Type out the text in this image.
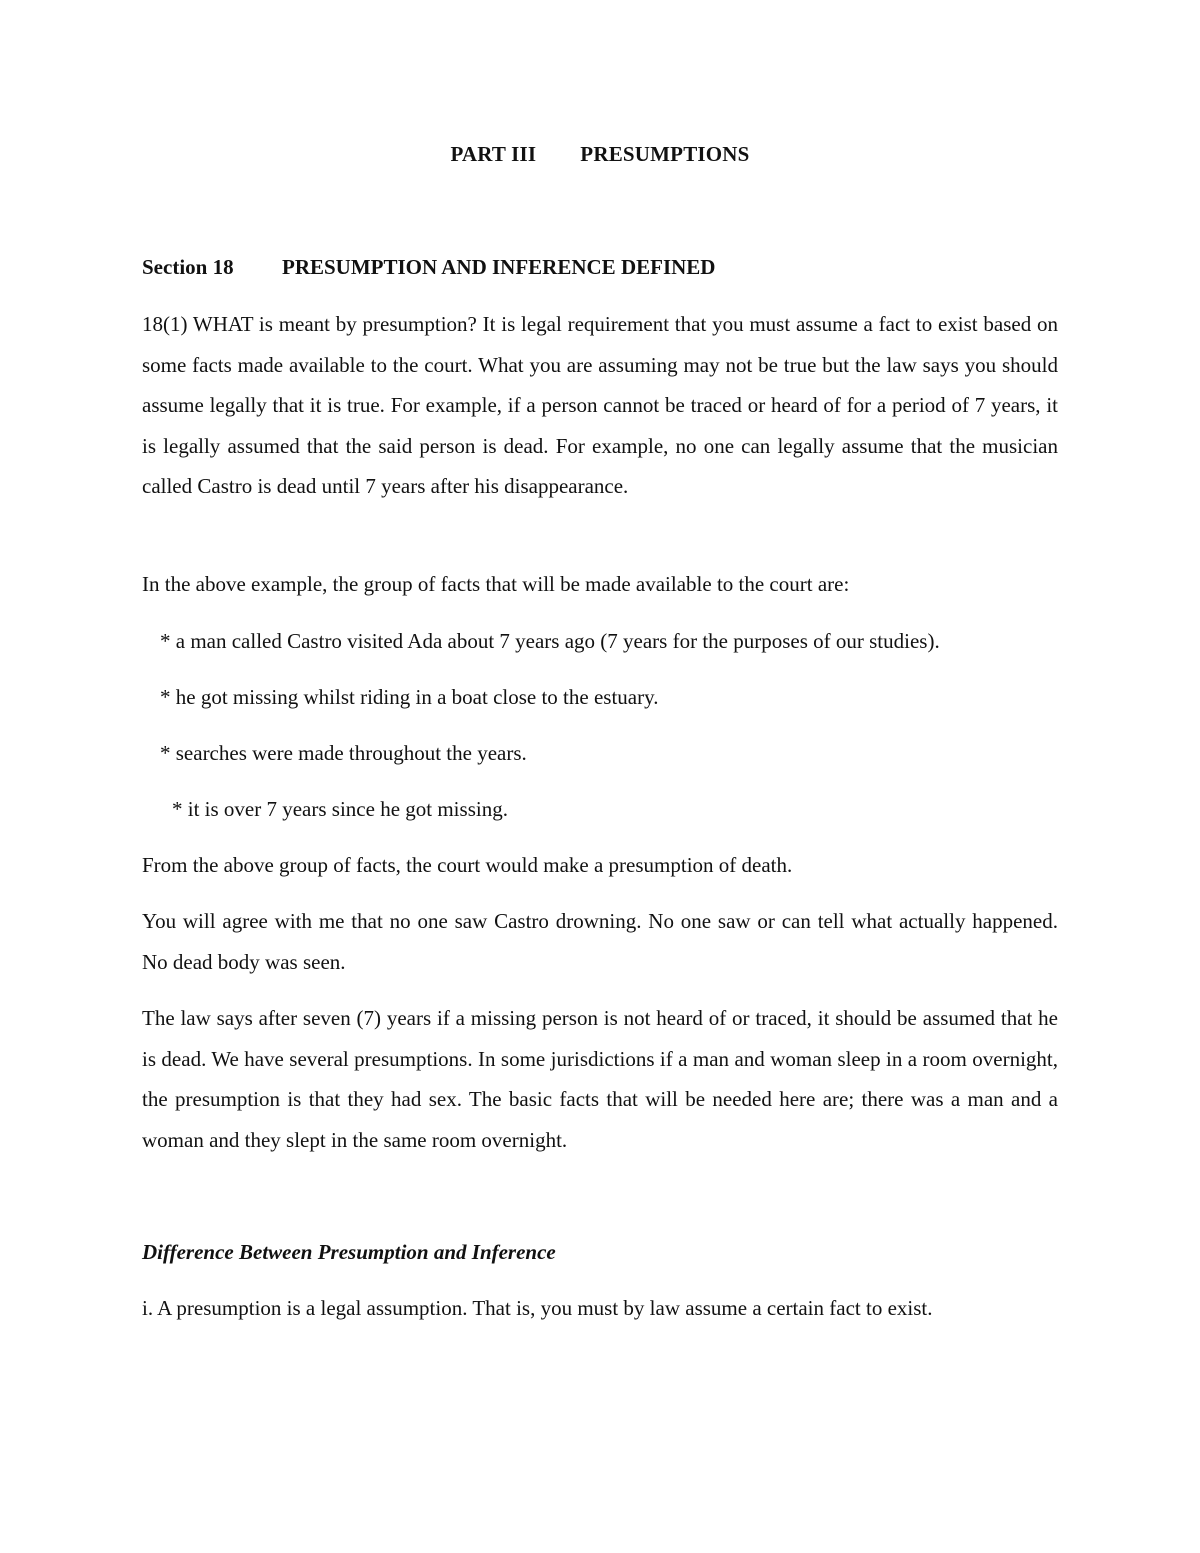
PART III PRESUMPTIONS
Section 18 PRESUMPTION AND INFERENCE DEFINED

18(1) WHAT is meant by presumption? It is legal requirement that you must assume a fact to exist based on some facts made available to the court. What you are assuming may not be true but the law says you should assume legally that it is true. For example, if a person cannot be traced or heard of for a period of 7 years, it is legally assumed that the said person is dead. For example, no one can legally assume that the musician called Castro is dead until 7 years after his disappearance.

In the above example, the group of facts that will be made available to the court are:
* a man called Castro visited Ada about 7 years ago (7 years for the purposes of our studies).
* he got missing whilst riding in a boat close to the estuary.
* searches were made throughout the years.
* it is over 7 years since he got missing.
From the above group of facts, the court would make a presumption of death.

You will agree with me that no one saw Castro drowning. No one saw or can tell what actually happened. No dead body was seen.

The law says after seven (7) years if a missing person is not heard of or traced, it should be assumed that he is dead. We have several presumptions. In some jurisdictions if a man and woman sleep in a room overnight, the presumption is that they had sex. The basic facts that will be needed here are; there was a man and a woman and they slept in the same room overnight.

Difference Between Presumption and Inference
i. A presumption is a legal assumption. That is, you must by law assume a certain fact to exist.
